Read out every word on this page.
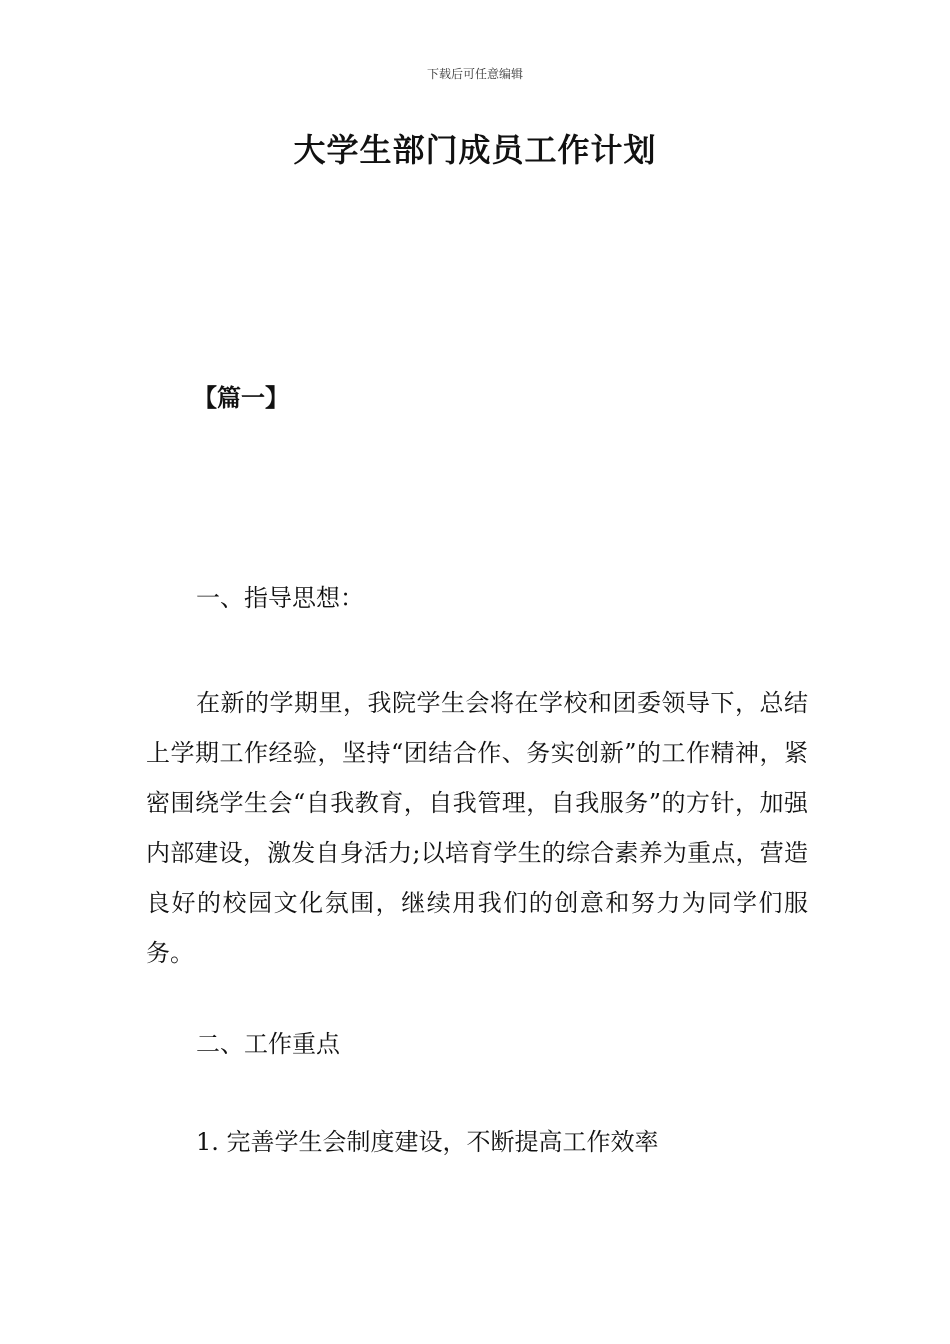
下载后可任意编辑
大学生部门成员工作计划
【篇一】
一、指导思想：

在新的学期里，我院学生会将在学校和团委领导下，总结上学期工作经验，坚持“团结合作、务实创新”的工作精神，紧密围绕学生会“自我教育，自我管理，自我服务”的方针，加强内部建设，激发自身活力;以培育学生的综合素养为重点，营造良好的校园文化氛围，继续用我们的创意和努力为同学们服务。

二、工作重点
1. 完善学生会制度建设，不断提高工作效率
